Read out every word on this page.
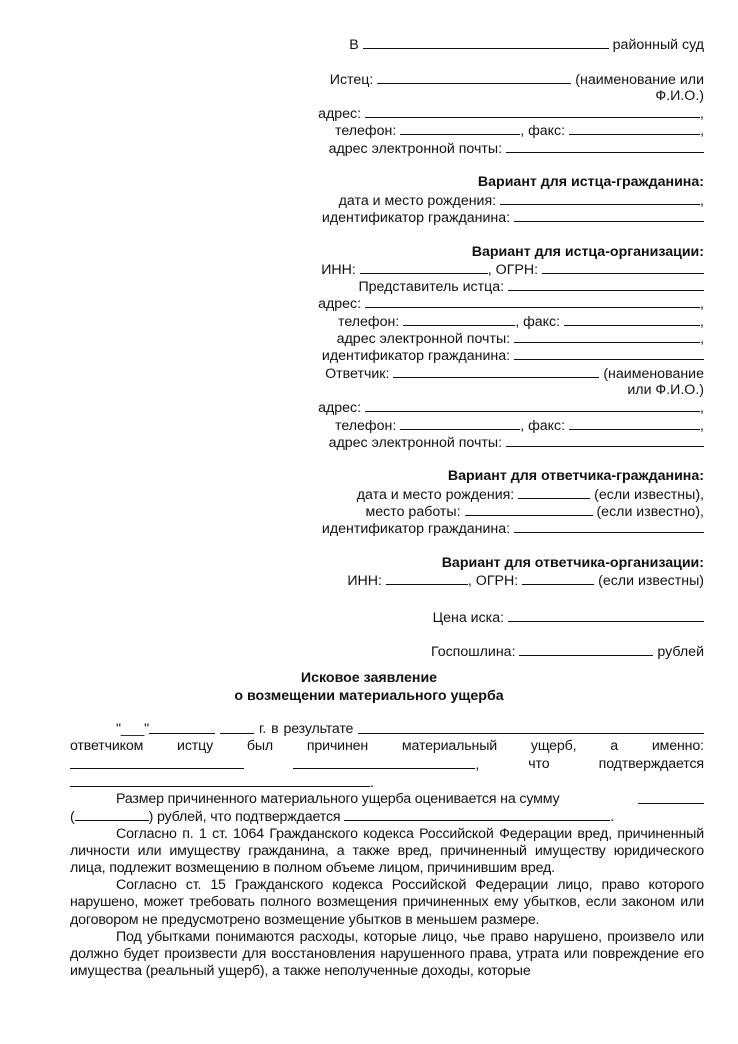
В	районный суд
Истец:	(наименование или
Ф.И.О.)
адрес:	,
телефон:	, факс:	,
адрес электронной почты:
Вариант для истца-гражданина:
дата и место рождения:	,
идентификатор гражданина:
Вариант для истца-организации:
ИНН:	, ОГРН:
Представитель истца:
адрес:	,
телефон:	, факс:	,
адрес электронной почты:	,
идентификатор гражданина:
Ответчик:	(наименование
или Ф.И.О.)
адрес:	,
телефон:	, факс:	,
адрес электронной почты:
Вариант для ответчика-гражданина:
дата и место рождения:	(если известны),
место работы:	(если известно),
идентификатор гражданина:
Вариант для ответчика-организации:
ИНН:	, ОГРН:	(если известны)
Цена иска:
Госпошлина:	рублей
Исковое заявление
о возмещении материального ущерба
"___"	г. в результате
ответчиком истцу был причинен материальный ущерб, а именно:
,	что	подтверждается
.
Размер причиненного материального ущерба оценивается на сумму
(	) рублей, что подтверждается	.

Согласно п. 1 ст. 1064 Гражданского кодекса Российской Федерации вред, причиненный личности или имуществу гражданина, а также вред, причиненный имуществу юридического лица, подлежит возмещению в полном объеме лицом, причинившим вред.

Согласно ст. 15 Гражданского кодекса Российской Федерации лицо, право которого нарушено, может требовать полного возмещения причиненных ему убытков, если законом или договором не предусмотрено возмещение убытков в меньшем размере.

Под убытками понимаются расходы, которые лицо, чье право нарушено, произвело или должно будет произвести для восстановления нарушенного права, утрата или повреждение его имущества (реальный ущерб), а также неполученные доходы, которые
